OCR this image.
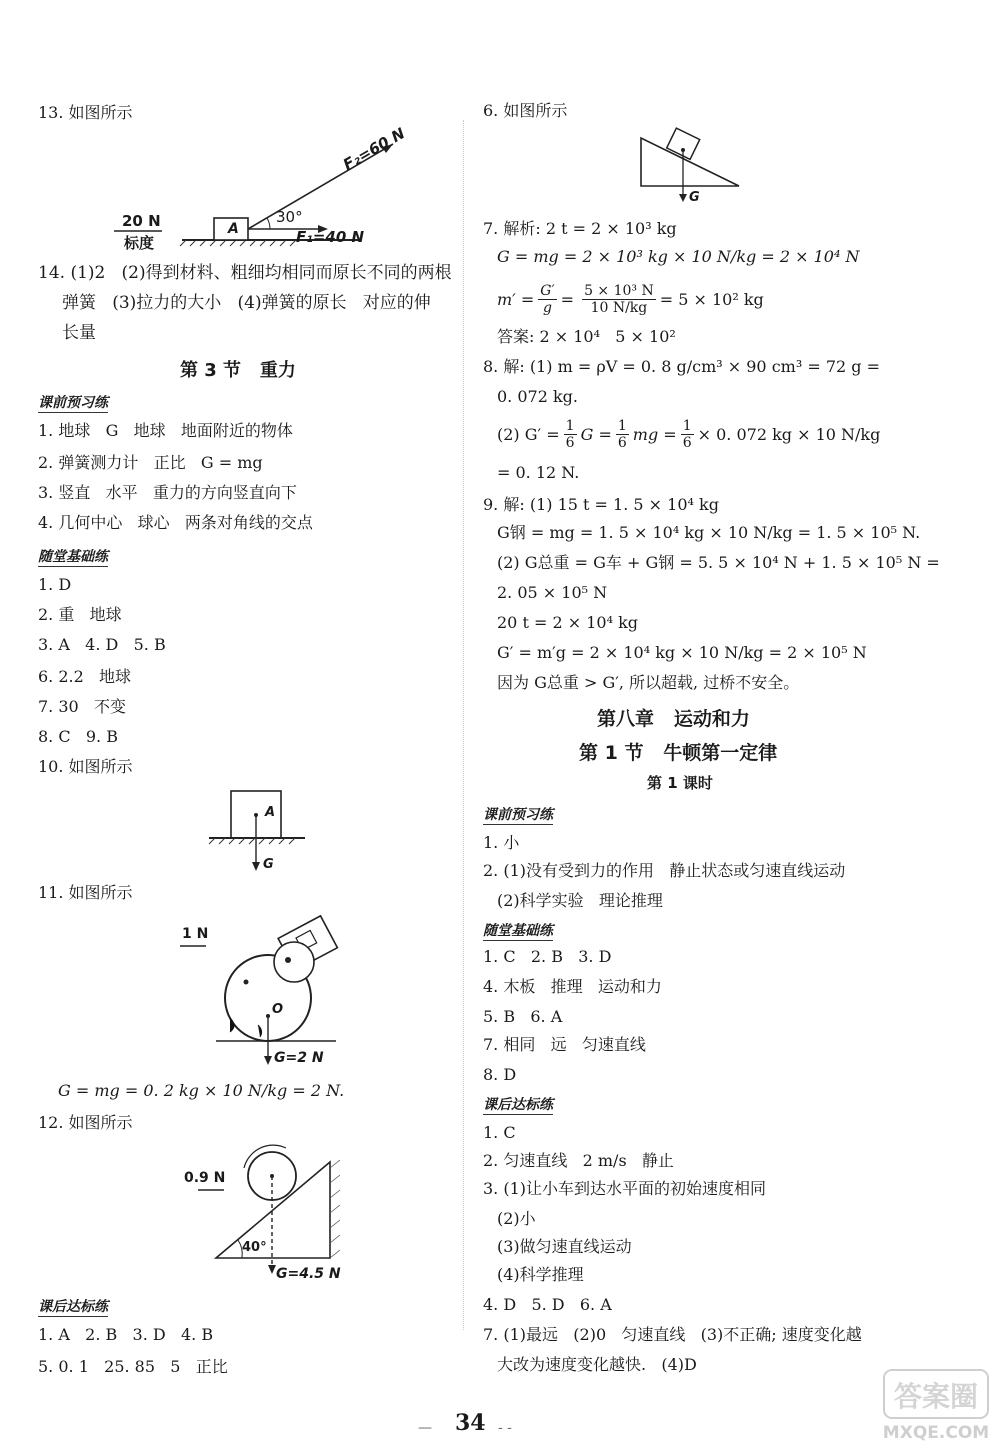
13. 如图所示
A
30°
F₂=60 N
F₁=40 N
20 N
标度
14. (1)2   (2)得到材料、粗细均相同而原长不同的两根
弹簧   (3)拉力的大小   (4)弹簧的原长   对应的伸
长量
第 3 节   重力
课前预习练
1. 地球   G   地球   地面附近的物体
2. 弹簧测力计   正比   G = mg
3. 竖直   水平   重力的方向竖直向下
4. 几何中心   球心   两条对角线的交点
随堂基础练
1. D
2. 重   地球
3. A   4. D   5. B
6. 2.2   地球
7. 30   不变
8. C   9. B
10. 如图所示
A
G
11. 如图所示
1 N
O
G=2 N
G = mg = 0. 2 kg × 10 N/kg = 2 N.
12. 如图所示
0.9 N
40°
G=4.5 N
课后达标练
1. A   2. B   3. D   4. B
5. 0. 1   25. 85   5   正比
6. 如图所示
G
7. 解析: 2 t = 2 × 10³ kg
G = mg = 2 × 10³ kg × 10 N/kg = 2 × 10⁴ N
$m' = \frac{G'}{g} = \frac{\text{5 × 10³ N}}{10 N/kg} = 5 \times 10^2$ kg
答案: 2 × 10⁴   5 × 10²
8. 解: (1) m = ρV = 0. 8 g/cm³ × 90 cm³ = 72 g =
0. 072 kg.
(2) $G' = \frac{1}{6}$ $G = \frac{1}{6}$ mg = $\frac{1}{6} \times 0$. 072 kg × 10 N/kg
= 0. 12 N.
9. 解: (1) 15 t = 1. 5 × 10⁴ kg
G钢 = mg = 1. 5 × 10⁴ kg × 10 N/kg = 1. 5 × 10⁵ N.
(2) G总重 = G车 + G钢 = 5. 5 × 10⁴ N + 1. 5 × 10⁵ N =
2. 05 × 10⁵ N
20 t = 2 × 10⁴ kg
G′ = m′g = 2 × 10⁴ kg × 10 N/kg = 2 × 10⁵ N
因为 G总重 > G′, 所以超载, 过桥不安全。
第八章   运动和力
第 1 节   牛顿第一定律
第 1 课时
课前预习练
1. 小
2. (1)没有受到力的作用   静止状态或匀速直线运动
(2)科学实验   理论推理
随堂基础练
1. C   2. B   3. D
4. 木板   推理   运动和力
5. B   6. A
7. 相同   远   匀速直线
8. D
课后达标练
1. C
2. 匀速直线   2 m/s   静止
3. (1)让小车到达水平面的初始速度相同
(2)小
(3)做匀速直线运动
(4)科学推理
4. D   5. D   6. A
7. (1)最远   (2)0   匀速直线   (3)不正确; 速度变化越
大改为速度变化越快.   (4)D
— 34 - -
答案圈
MXQE.COM
